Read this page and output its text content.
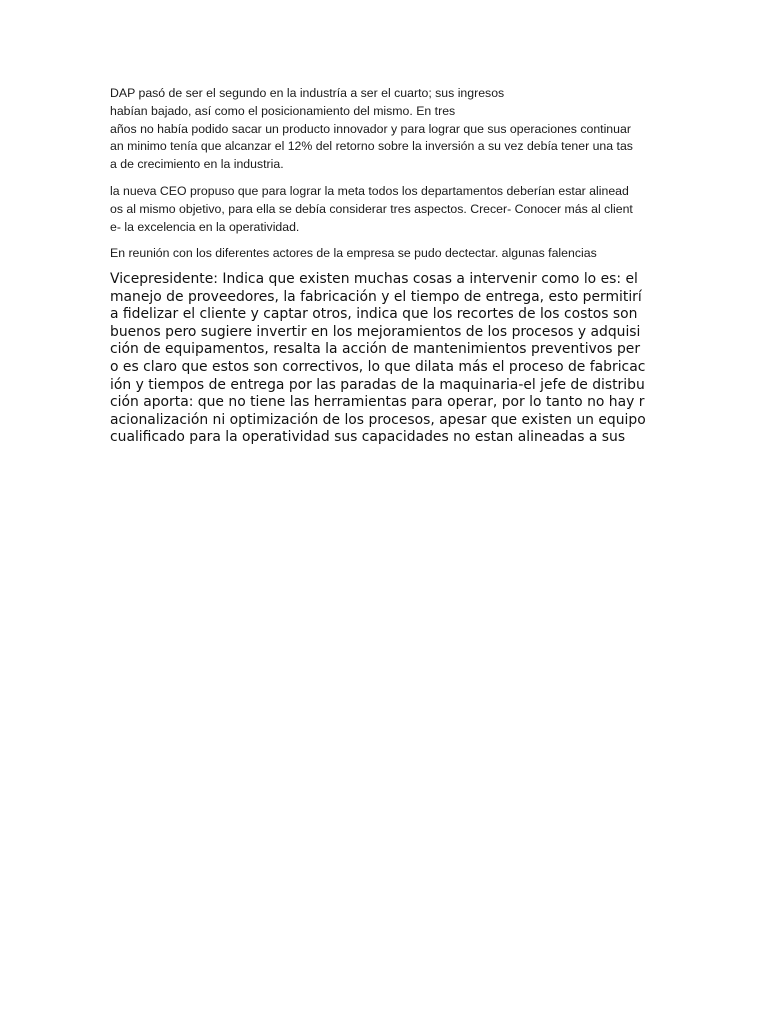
DAP pasó de ser el segundo en la industría a ser el cuarto; sus ingresos
habían bajado, así como el posicionamiento del mismo. En tres
años no había podido sacar un producto innovador y para lograr que sus operaciones continuar
an minimo tenía que alcanzar el 12% del retorno sobre la inversión a su vez debía tener una tas
a de crecimiento en la industria.
la nueva CEO propuso que para lograr la meta todos los departamentos deberían estar alinead
os al mismo objetivo, para ella se debía considerar tres aspectos. Crecer- Conocer más al client
e- la excelencia en la operatividad.
En reunión con los diferentes actores de la empresa se pudo dectectar. algunas falencias
Vicepresidente: Indica que existen muchas cosas a intervenir como lo es: el
manejo de proveedores, la fabricación y el tiempo de entrega, esto permitirí
a fidelizar el cliente y captar otros, indica que los recortes de los costos son
buenos pero sugiere invertir en los mejoramientos de los procesos y adquisi
ción de equipamentos, resalta la acción de mantenimientos preventivos per
o es claro que estos son correctivos, lo que dilata más el proceso de fabricac
ión y tiempos de entrega por las paradas de la maquinaria-el jefe de distribu
ción aporta: que no tiene las herramientas para operar, por lo tanto no hay r
acionalización ni optimización de los procesos, apesar que existen un equipo
cualificado para la operatividad sus capacidades no estan alineadas a sus
